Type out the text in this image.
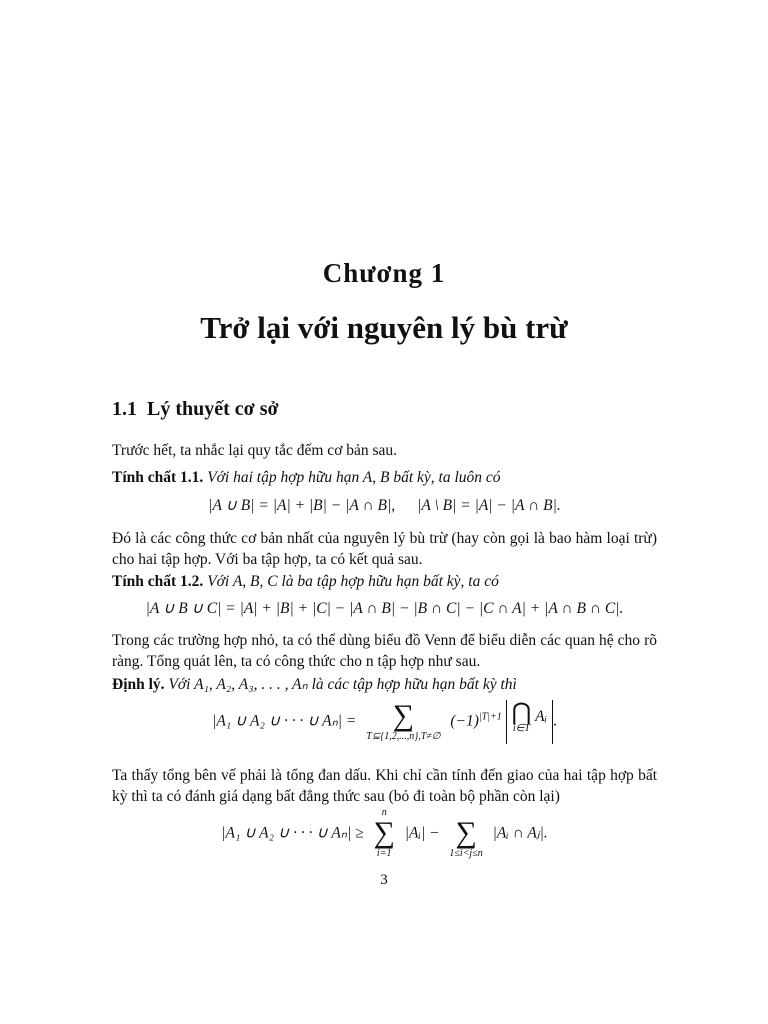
Chương 1
Trở lại với nguyên lý bù trừ
1.1 Lý thuyết cơ sở
Trước hết, ta nhắc lại quy tắc đếm cơ bản sau.
Tính chất 1.1. Với hai tập hợp hữu hạn A, B bất kỳ, ta luôn có
|A ∪ B| = |A| + |B| − |A ∩ B|, |A \ B| = |A| − |A ∩ B|.
Đó là các công thức cơ bản nhất của nguyên lý bù trừ (hay còn gọi là bao hàm loại trừ) cho hai tập hợp. Với ba tập hợp, ta có kết quả sau.
Tính chất 1.2. Với A, B, C là ba tập hợp hữu hạn bất kỳ, ta có
|A ∪ B ∪ C| = |A| + |B| + |C| − |A ∩ B| − |B ∩ C| − |C ∩ A| + |A ∩ B ∩ C|.
Trong các trường hợp nhỏ, ta có thể dùng biểu đồ Venn để biểu diễn các quan hệ cho rõ ràng. Tổng quát lên, ta có công thức cho n tập hợp như sau.
Định lý. Với A₁, A₂, A₃, . . . , Aₙ là các tập hợp hữu hạn bất kỳ thì
|A₁ ∪ A₂ ∪ · · · ∪ Aₙ| =	∑
T⊆{1,2,...,n},T≠∅
$(-1)^{|T|+1}$ ⋂
i∈T
Aᵢ .
Ta thấy tổng bên vế phải là tổng đan dấu. Khi chỉ cần tính đến giao của hai tập hợp bất kỳ thì ta có đánh giá dạng bất đẳng thức sau (bỏ đi toàn bộ phần còn lại)
|A₁ ∪ A₂ ∪ · · · ∪ Aₙ| ≥
n
∑
i=1
|Aᵢ| −
∑
1≤i<j≤n
|Aᵢ ∩ Aⱼ|.
3
